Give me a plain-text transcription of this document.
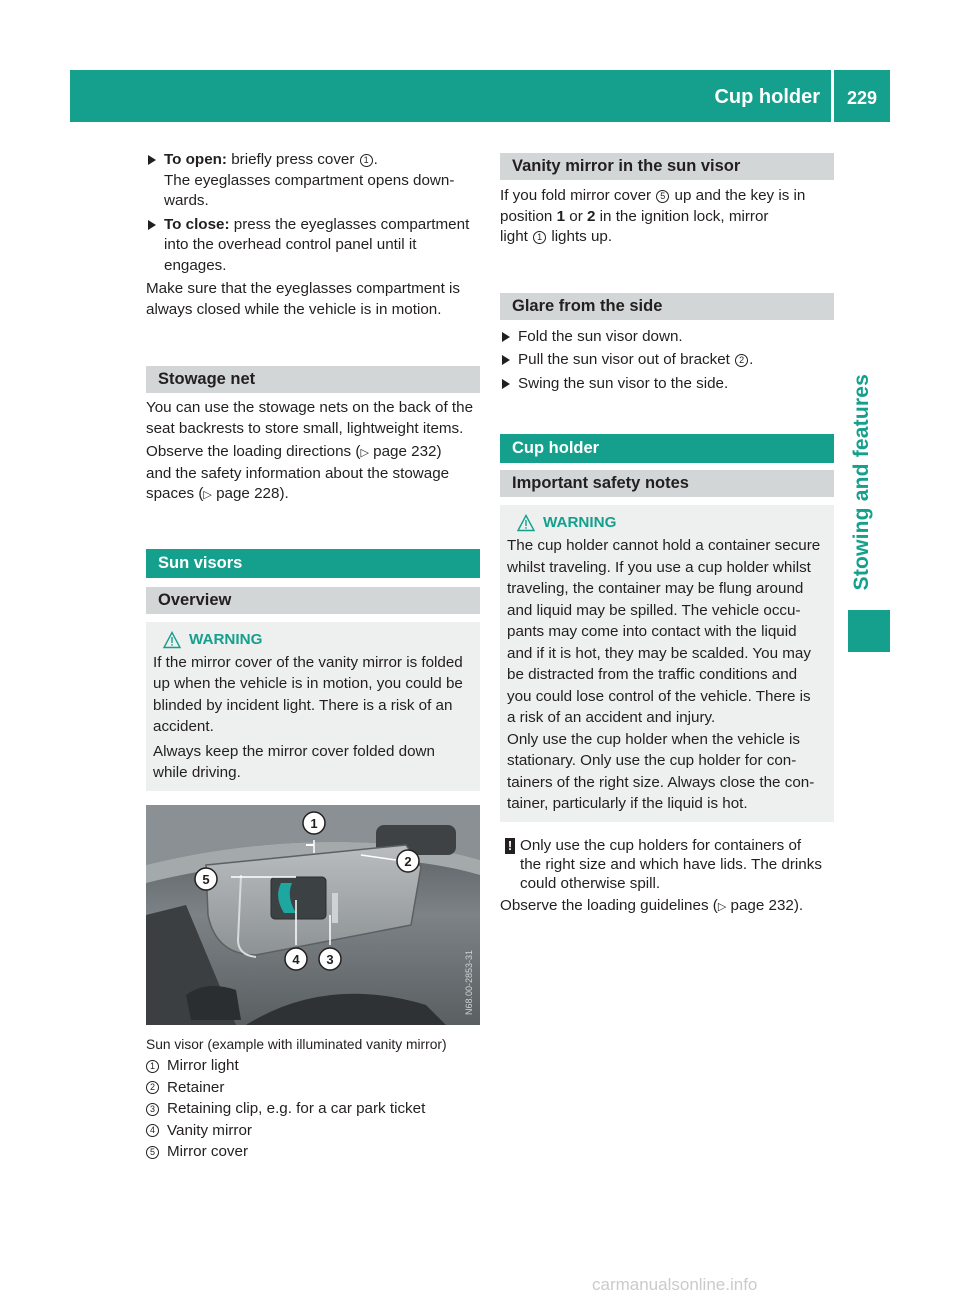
Cup holder	229
Stowing and features

To open: briefly press cover 1 .

The eyeglasses compartment opens down-

wards.

To close: press the eyeglasses compartment

into the overhead control panel until it

engages.

Make sure that the eyeglasses compartment is

always closed while the vehicle is in motion.

Stowage net

You can use the stowage nets on the back of the

seat backrests to store small, lightweight items.

Observe the loading directions (▷ page 232)

and the safety information about the stowage

spaces (▷ page 228).

Sun visors
Overview
WARNING

If the mirror cover of the vanity mirror is folded

up when the vehicle is in motion, you could be

blinded by incident light. There is a risk of an

accident.

Always keep the mirror cover folded down

while driving.

1
2
3
4
5
N68.00-2853-31
Sun visor (example with illuminated vanity mirror)
1 Mirror light
2 Retainer
3 Retaining clip, e.g. for a car park ticket
4 Vanity mirror
5 Mirror cover
Vanity mirror in the sun visor

If you fold mirror cover 5 up and the key is in

position 1 or 2 in the ignition lock, mirror

light 1 lights up.

Glare from the side

Fold the sun visor down.

Pull the sun visor out of bracket 2 .

Swing the sun visor to the side.

Cup holder
Important safety notes
WARNING

The cup holder cannot hold a container secure

whilst traveling. If you use a cup holder whilst

traveling, the container may be flung around

and liquid may be spilled. The vehicle occu-

pants may come into contact with the liquid

and if it is hot, they may be scalded. You may

be distracted from the traffic conditions and

you could lose control of the vehicle. There is

a risk of an accident and injury.

Only use the cup holder when the vehicle is

stationary. Only use the cup holder for con-

tainers of the right size. Always close the con-

tainer, particularly if the liquid is hot.

! Only use the cup holders for containers of

the right size and which have lids. The drinks

could otherwise spill.

Observe the loading guidelines (▷ page 232).

carmanualsonline.info
